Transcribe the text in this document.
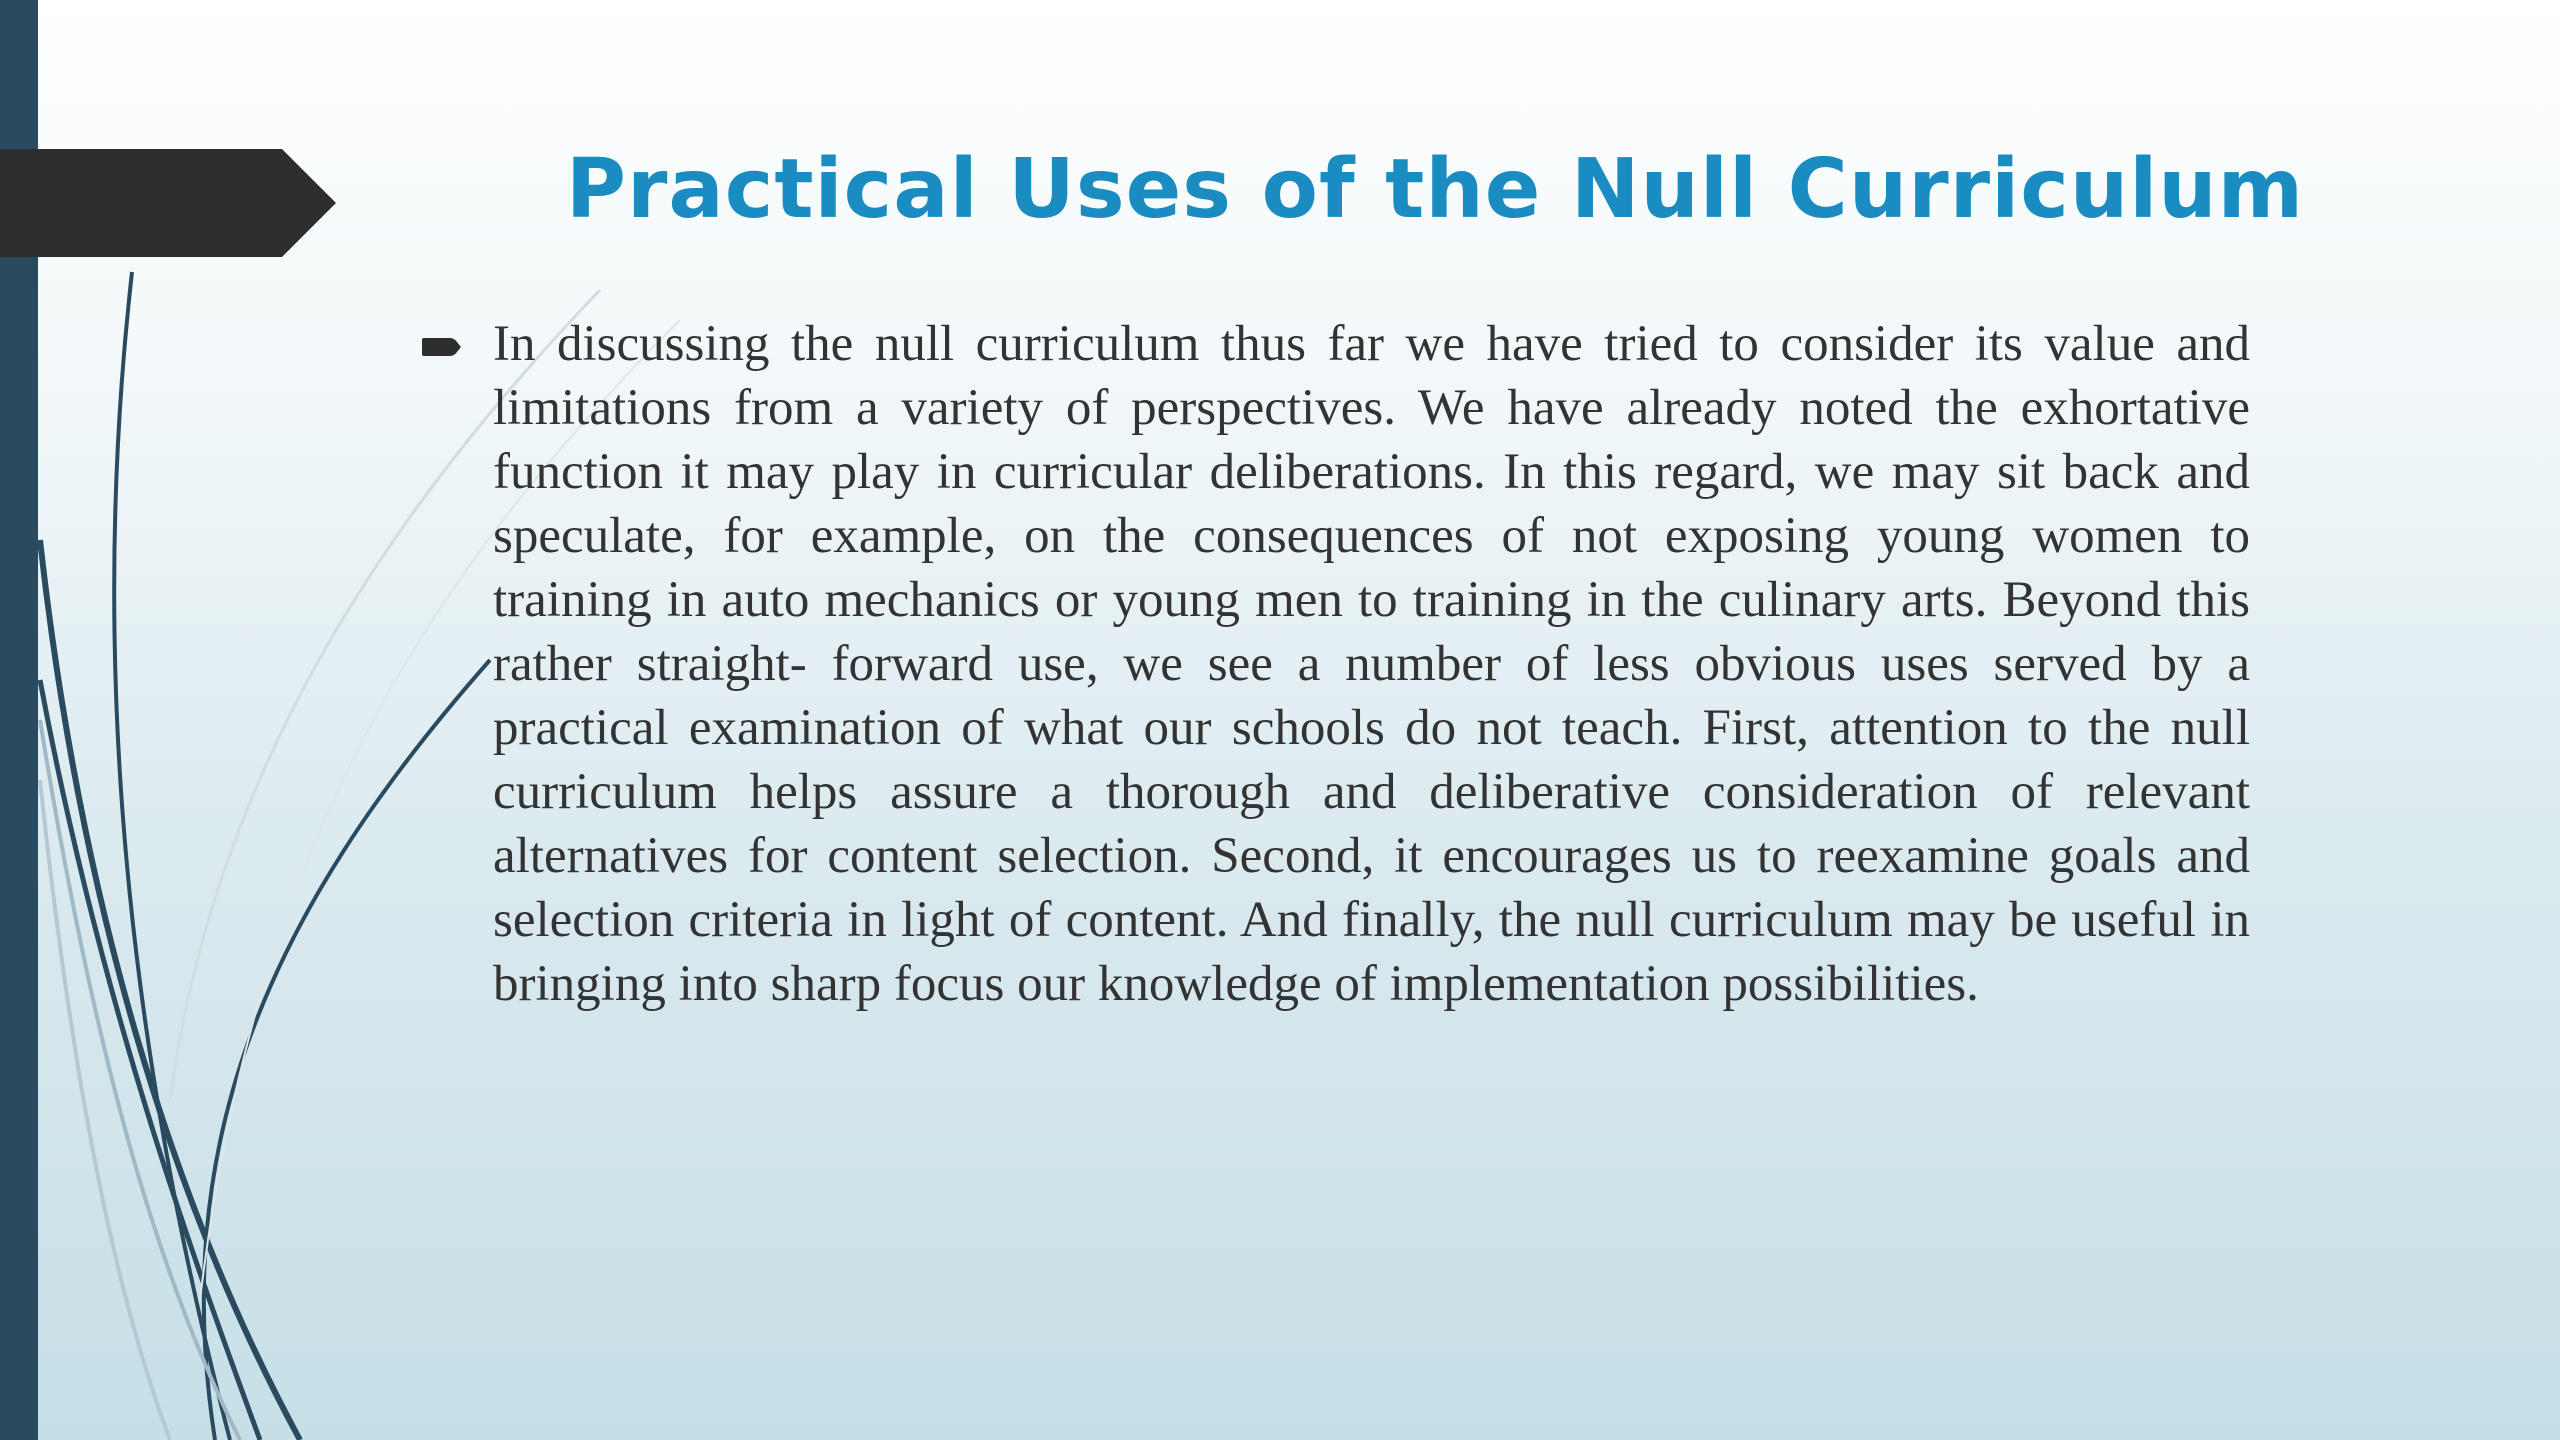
Practical Uses of the Null Curriculum

In discussing the null curriculum thus far we have tried to consider its value and limitations from a variety of perspectives. We have already noted the exhortative function it may play in curricular deliberations. In this regard, we may sit back and speculate, for example, on the consequences of not exposing young women to training in auto mechanics or young men to training in the culinary arts. Beyond this rather straight- forward use, we see a number of less obvious uses served by a practical examination of what our schools do not teach. First, attention to the null curriculum helps assure a thorough and deliberative consideration of relevant alternatives for content selection. Second, it encourages us to reexamine goals and selection criteria in light of content. And finally, the null curriculum may be useful in bringing into sharp focus our knowledge of implementation possibilities.
